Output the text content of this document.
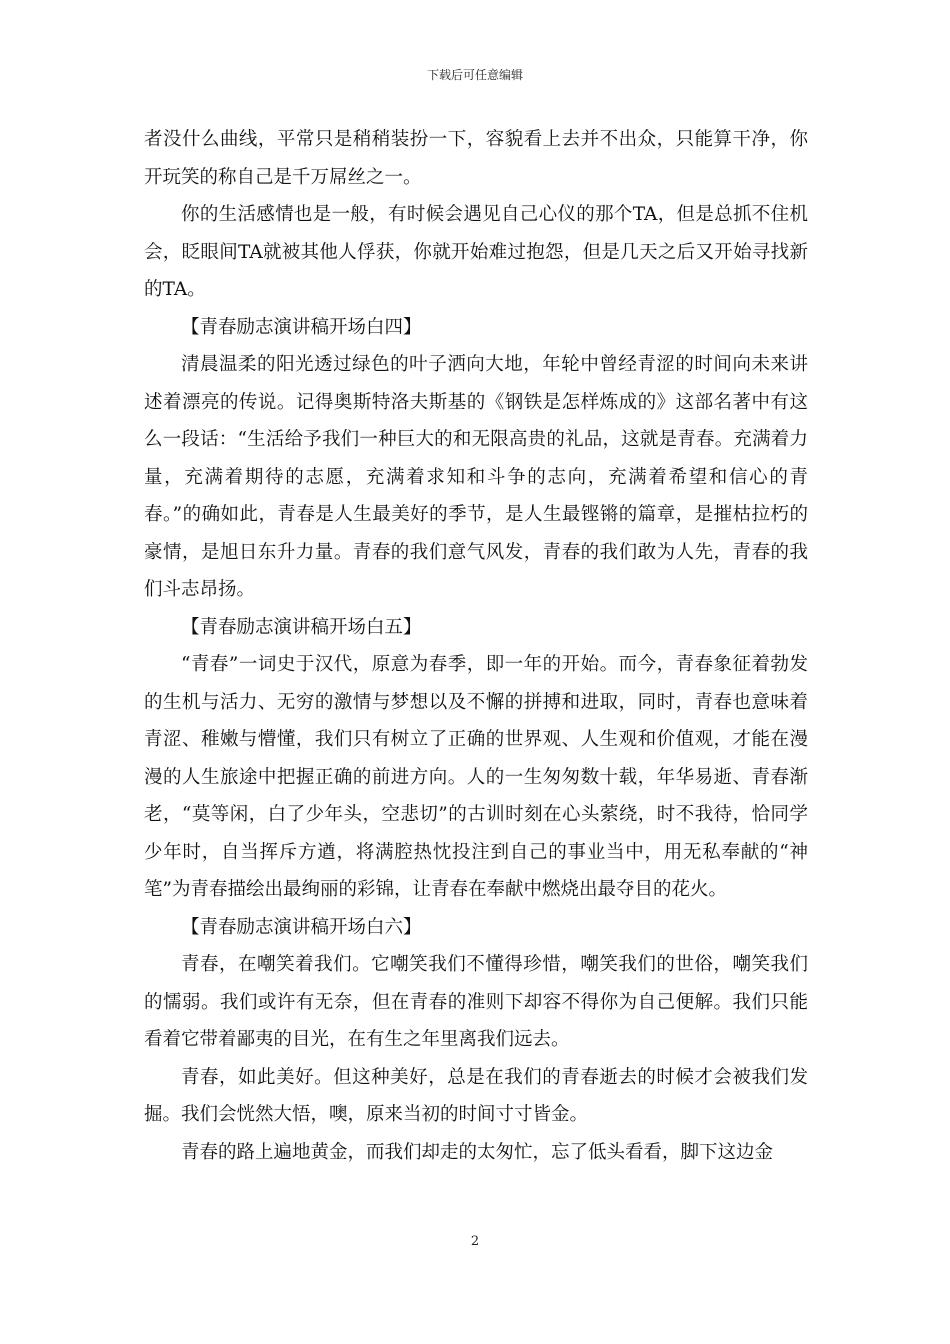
下载后可任意编辑

者没什么曲线，平常只是稍稍装扮一下，容貌看上去并不出众，只能算干净，你开玩笑的称自己是千万屌丝之一。

你的生活感情也是一般，有时候会遇见自己心仪的那个TA，但是总抓不住机会，眨眼间TA就被其他人俘获，你就开始难过抱怨，但是几天之后又开始寻找新的TA。

【青春励志演讲稿开场白四】

清晨温柔的阳光透过绿色的叶子洒向大地，年轮中曾经青涩的时间向未来讲述着漂亮的传说。记得奥斯特洛夫斯基的《钢铁是怎样炼成的》这部名著中有这么一段话：“生活给予我们一种巨大的和无限高贵的礼品，这就是青春。充满着力量，充满着期待的志愿，充满着求知和斗争的志向，充满着希望和信心的青春。”的确如此，青春是人生最美好的季节，是人生最铿锵的篇章，是摧枯拉朽的豪情，是旭日东升力量。青春的我们意气风发，青春的我们敢为人先，青春的我们斗志昂扬。

【青春励志演讲稿开场白五】

“青春”一词史于汉代，原意为春季，即一年的开始。而今，青春象征着勃发的生机与活力、无穷的激情与梦想以及不懈的拼搏和进取，同时，青春也意味着青涩、稚嫩与懵懂，我们只有树立了正确的世界观、人生观和价值观，才能在漫漫的人生旅途中把握正确的前进方向。人的一生匆匆数十载，年华易逝、青春渐老，“莫等闲，白了少年头，空悲切”的古训时刻在心头萦绕，时不我待，恰同学少年时，自当挥斥方遒，将满腔热忱投注到自己的事业当中，用无私奉献的“神笔”为青春描绘出最绚丽的彩锦，让青春在奉献中燃烧出最夺目的花火。

【青春励志演讲稿开场白六】

青春，在嘲笑着我们。它嘲笑我们不懂得珍惜，嘲笑我们的世俗，嘲笑我们的懦弱。我们或许有无奈，但在青春的准则下却容不得你为自己便解。我们只能看着它带着鄙夷的目光，在有生之年里离我们远去。

青春，如此美好。但这种美好，总是在我们的青春逝去的时候才会被我们发掘。我们会恍然大悟，噢，原来当初的时间寸寸皆金。

青春的路上遍地黄金，而我们却走的太匆忙，忘了低头看看，脚下这边金

2
